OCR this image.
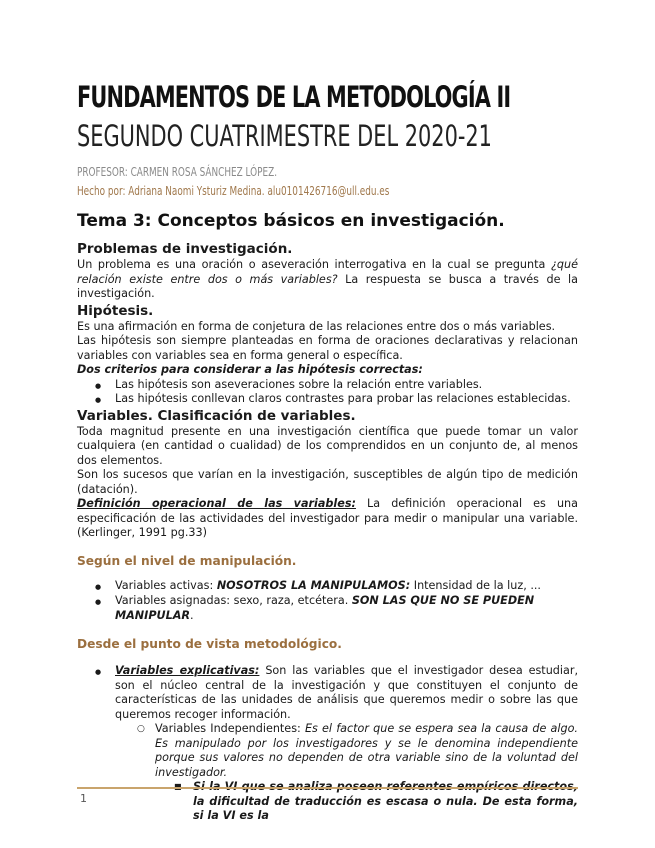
FUNDAMENTOS DE LA METODOLOGÍA II
SEGUNDO CUATRIMESTRE DEL 2020-21
PROFESOR: CARMEN ROSA SÁNCHEZ LÓPEZ.
Hecho por: Adriana Naomi Ysturiz Medina. alu0101426716@ull.edu.es
Tema 3: Conceptos básicos en investigación.
Problemas de investigación.

Un problema es una oración o aseveración interrogativa en la cual se pregunta ¿qué relación existe entre dos o más variables? La respuesta se busca a través de la investigación.

Hipótesis.

Es una afirmación en forma de conjetura de las relaciones entre dos o más variables.

Las hipótesis son siempre planteadas en forma de oraciones declarativas y relacionan variables con variables sea en forma general o específica.

Dos criterios para considerar a las hipótesis correctas:

● Las hipótesis son aseveraciones sobre la relación entre variables.
● Las hipótesis conllevan claros contrastes para probar las relaciones establecidas.
Variables. Clasificación de variables.

Toda magnitud presente en una investigación científica que puede tomar un valor cualquiera (en cantidad o cualidad) de los comprendidos en un conjunto de, al menos dos elementos.

Son los sucesos que varían en la investigación, susceptibles de algún tipo de medición (datación).

Definición operacional de las variables: La definición operacional es una especificación de las actividades del investigador para medir o manipular una variable. (Kerlinger, 1991 pg.33)

Según el nivel de manipulación.
● Variables activas: NOSOTROS LA MANIPULAMOS: Intensidad de la luz, ...
● Variables asignadas: sexo, raza, etcétera. SON LAS QUE NO SE PUEDEN MANIPULAR.
Desde el punto de vista metodológico.
● Variables explicativas: Son las variables que el investigador desea estudiar, son el núcleo central de la investigación y que constituyen el conjunto de características de las unidades de análisis que queremos medir o sobre las que queremos recoger información.
○ Variables Independientes: Es el factor que se espera sea la causa de algo. Es manipulado por los investigadores y se le denomina independiente porque sus valores no dependen de otra variable sino de la voluntad del investigador.
■ la dificultad de traducción es escasa o nula. De esta forma, si la VI es la
1
